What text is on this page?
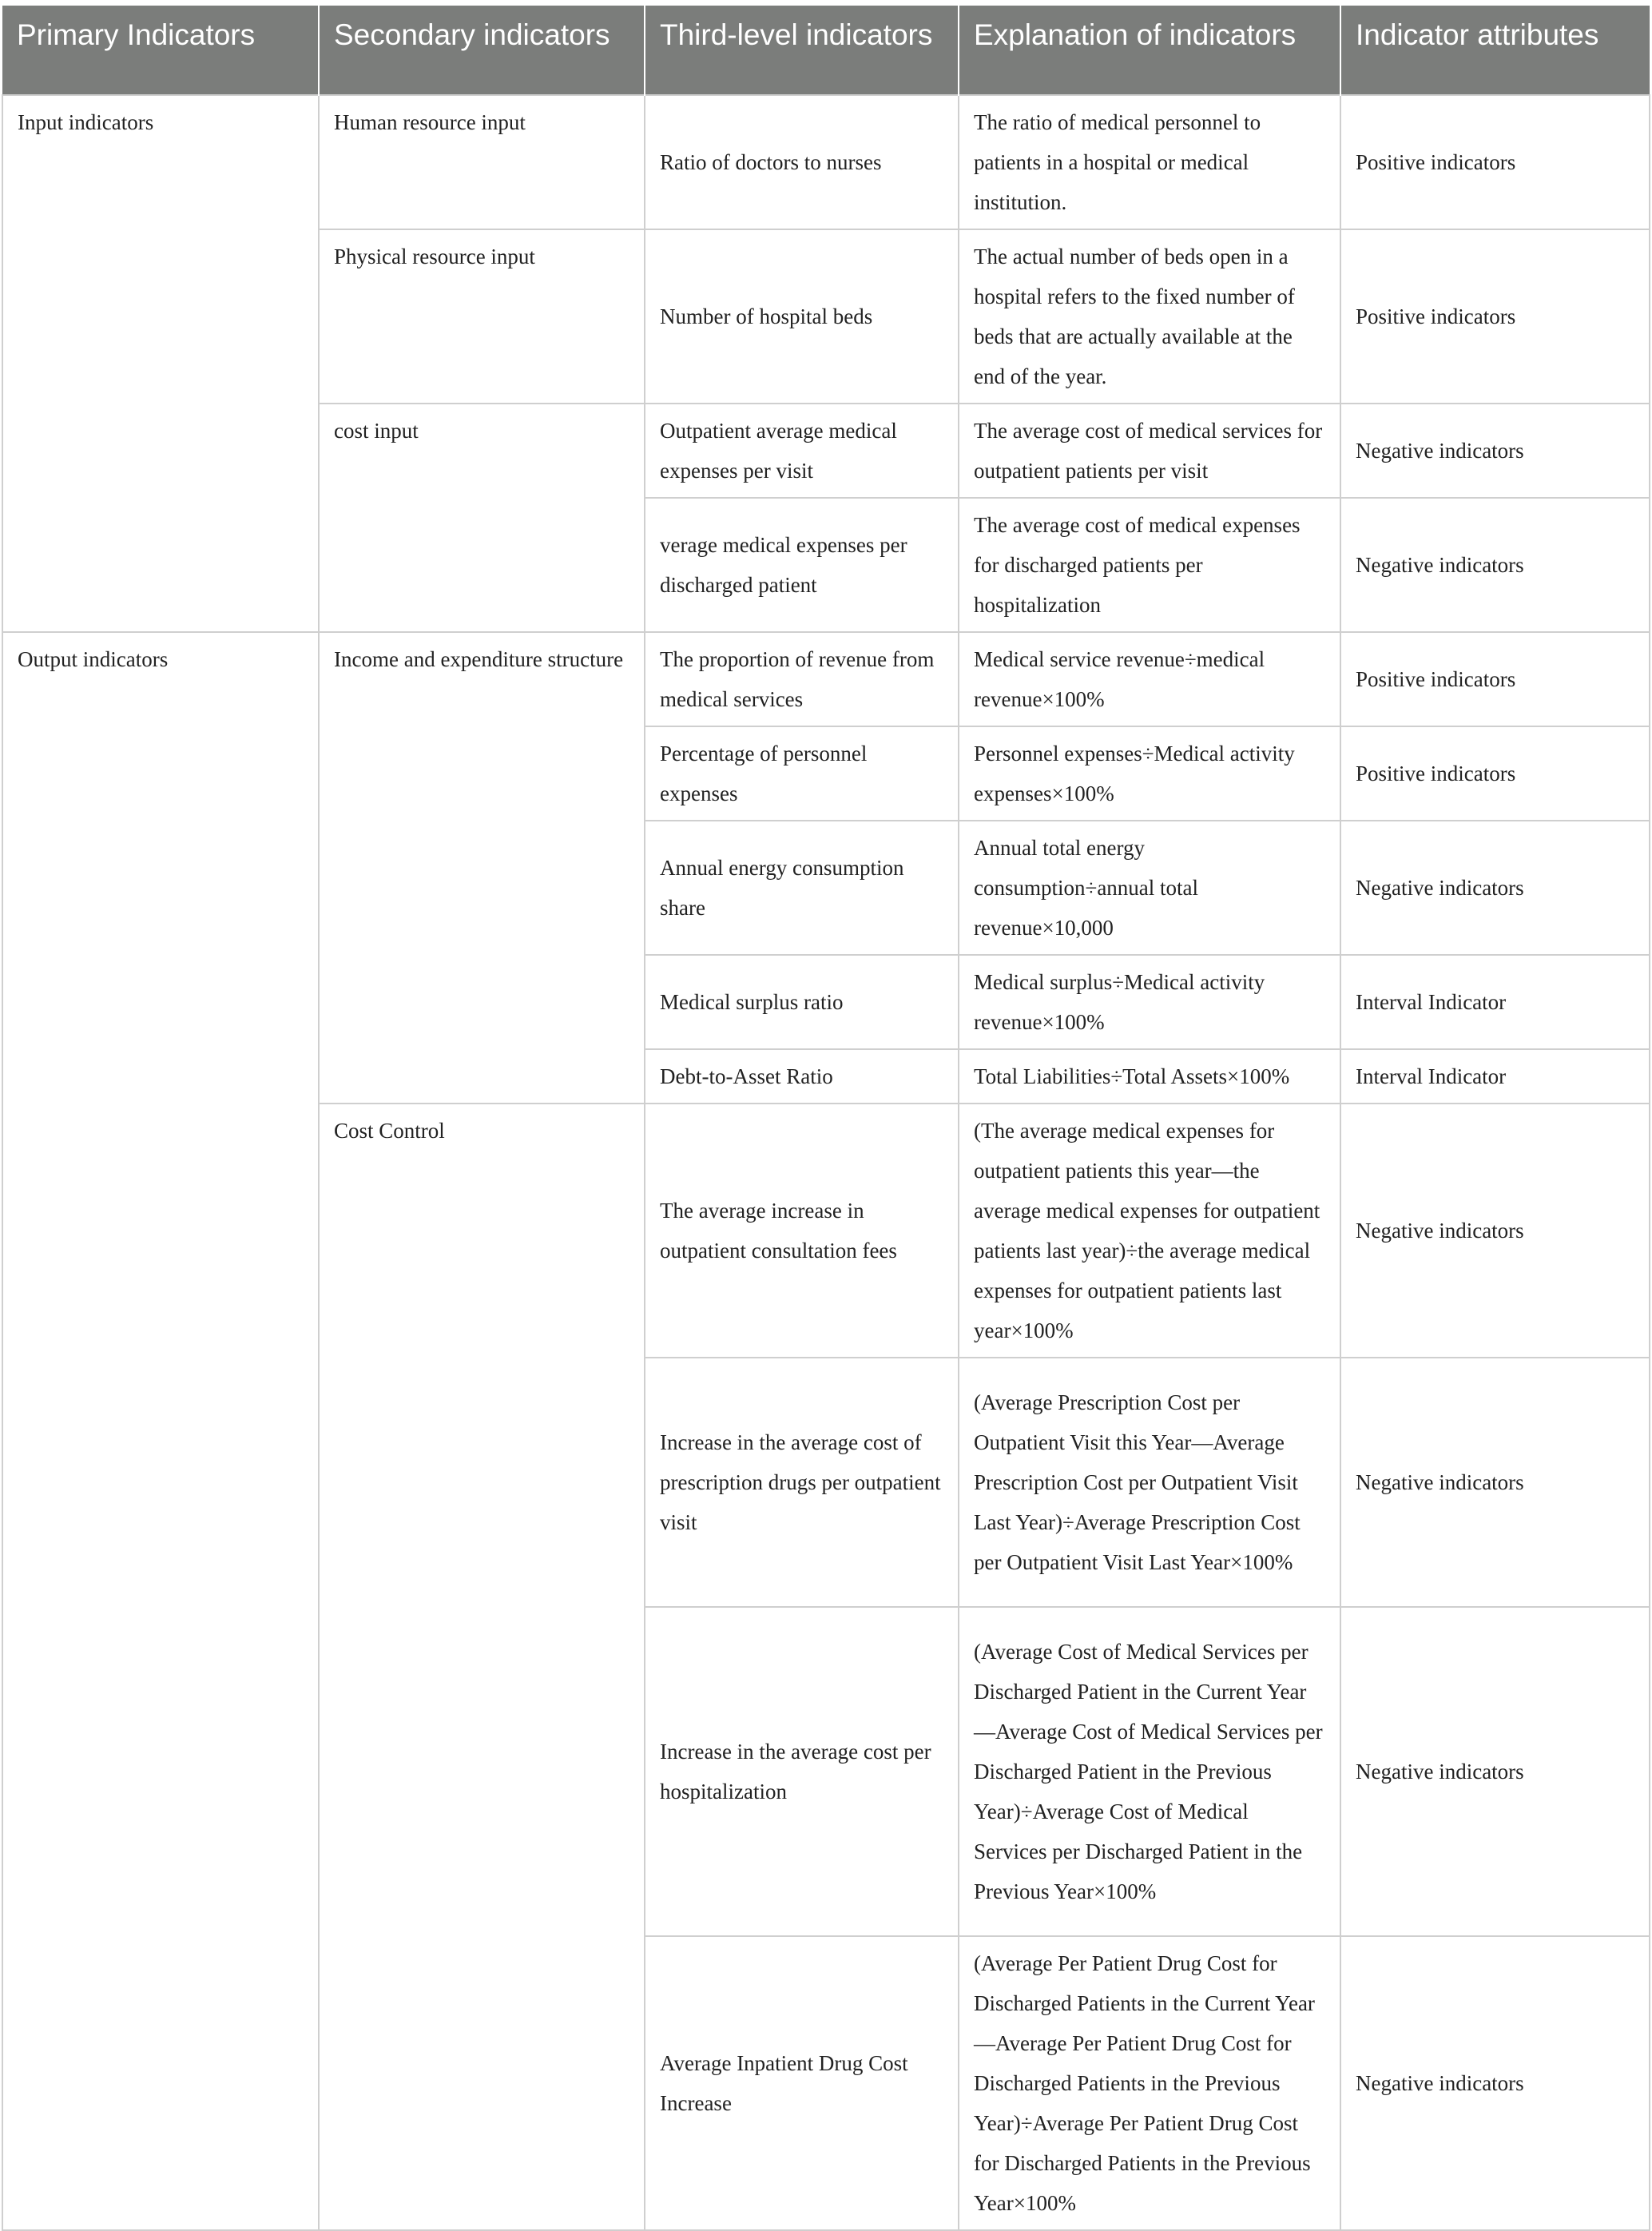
Primary Indicators	Secondary indicators	Third-level indicators	Explanation of indicators	Indicator attributes
Input indicators	Human resource input	Ratio of doctors to nurses	The ratio of medical personnel to patients in a hospital or medical institution.	Positive indicators
	Physical resource input	Number of hospital beds	The actual number of beds open in a hospital refers to the fixed number of beds that are actually available at the end of the year.	Positive indicators
	cost input	Outpatient average medical expenses per visit	The average cost of medical services for outpatient patients per visit	Negative indicators
		verage medical expenses per discharged patient	The average cost of medical expenses for discharged patients per hospitalization	Negative indicators
Output indicators	Income and expenditure structure	The proportion of revenue from medical services	Medical service revenue÷medical revenue×100%	Positive indicators
		Percentage of personnel expenses	Personnel expenses÷Medical activity expenses×100%	Positive indicators
		Annual energy consumption share	Annual total energy consumption÷annual total revenue×10,000	Negative indicators
		Medical surplus ratio	Medical surplus÷Medical activity revenue×100%	Interval Indicator
		Debt-to-Asset Ratio	Total Liabilities÷Total Assets×100%	Interval Indicator
	Cost Control	The average increase in outpatient consultation fees	(The average medical expenses for outpatient patients this year—the average medical expenses for outpatient patients last year)÷the average medical expenses for outpatient patients last year×100%	Negative indicators
		Increase in the average cost of prescription drugs per outpatient visit	(Average Prescription Cost per Outpatient Visit this Year—Average Prescription Cost per Outpatient Visit Last Year)÷Average Prescription Cost per Outpatient Visit Last Year×100%	Negative indicators
		Increase in the average cost per hospitalization	(Average Cost of Medical Services per Discharged Patient in the Current Year—Average Cost of Medical Services per Discharged Patient in the Previous Year)÷Average Cost of Medical Services per Discharged Patient in the Previous Year×100%	Negative indicators
		Average Inpatient Drug Cost Increase	(Average Per Patient Drug Cost for Discharged Patients in the Current Year—Average Per Patient Drug Cost for Discharged Patients in the Previous Year)÷Average Per Patient Drug Cost for Discharged Patients in the Previous Year×100%	Negative indicators
